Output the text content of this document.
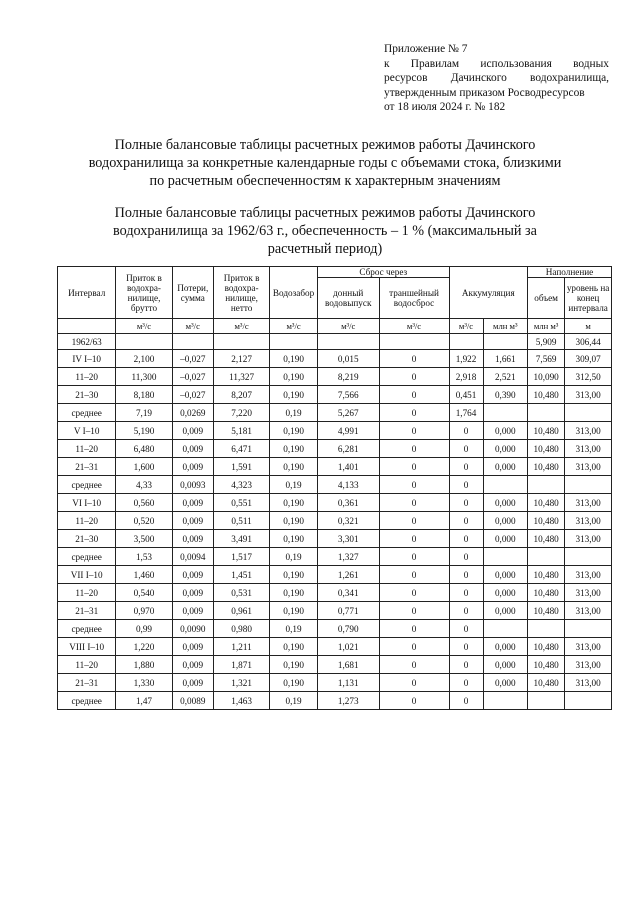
Приложение № 7
к Правилам использования водных
ресурсов Дачинского водохранилища,
утвержденным приказом Росводресурсов
от 18 июля 2024 г. № 182
Полные балансовые таблицы расчетных режимов работы Дачинского водохранилища за конкретные календарные годы с объемами стока, близкими по расчетным обеспеченностям к характерным значениям
Полные балансовые таблицы расчетных режимов работы Дачинского водохранилища за 1962/63 г., обеспеченность – 1 % (максимальный за расчетный период)
Интервал	Приток в водохра-нилище, брутто	Потери, сумма	Приток в водохра-нилище, нетто	Водозабор	Сброс через		Аккумуляция		Наполнение	
					донный водовыпуск	траншейный водосброс			объем	уровень на конец интервала
	м³/с	м³/с	м³/с	м³/с	м³/с	м³/с	м³/с	млн м³	млн м³	м
1962/63									5,909	306,44
IV I–10	2,100	–0,027	2,127	0,190	0,015	0	1,922	1,661	7,569	309,07
11–20	11,300	–0,027	11,327	0,190	8,219	0	2,918	2,521	10,090	312,50
21–30	8,180	–0,027	8,207	0,190	7,566	0	0,451	0,390	10,480	313,00
среднее	7,19	0,0269	7,220	0,19	5,267	0	1,764			
V I–10	5,190	0,009	5,181	0,190	4,991	0	0	0,000	10,480	313,00
11–20	6,480	0,009	6,471	0,190	6,281	0	0	0,000	10,480	313,00
21–31	1,600	0,009	1,591	0,190	1,401	0	0	0,000	10,480	313,00
среднее	4,33	0,0093	4,323	0,19	4,133	0	0			
VI I–10	0,560	0,009	0,551	0,190	0,361	0	0	0,000	10,480	313,00
11–20	0,520	0,009	0,511	0,190	0,321	0	0	0,000	10,480	313,00
21–30	3,500	0,009	3,491	0,190	3,301	0	0	0,000	10,480	313,00
среднее	1,53	0,0094	1,517	0,19	1,327	0	0			
VII I–10	1,460	0,009	1,451	0,190	1,261	0	0	0,000	10,480	313,00
11–20	0,540	0,009	0,531	0,190	0,341	0	0	0,000	10,480	313,00
21–31	0,970	0,009	0,961	0,190	0,771	0	0	0,000	10,480	313,00
среднее	0,99	0,0090	0,980	0,19	0,790	0	0			
VIII I–10	1,220	0,009	1,211	0,190	1,021	0	0	0,000	10,480	313,00
11–20	1,880	0,009	1,871	0,190	1,681	0	0	0,000	10,480	313,00
21–31	1,330	0,009	1,321	0,190	1,131	0	0	0,000	10,480	313,00
среднее	1,47	0,0089	1,463	0,19	1,273	0	0			
